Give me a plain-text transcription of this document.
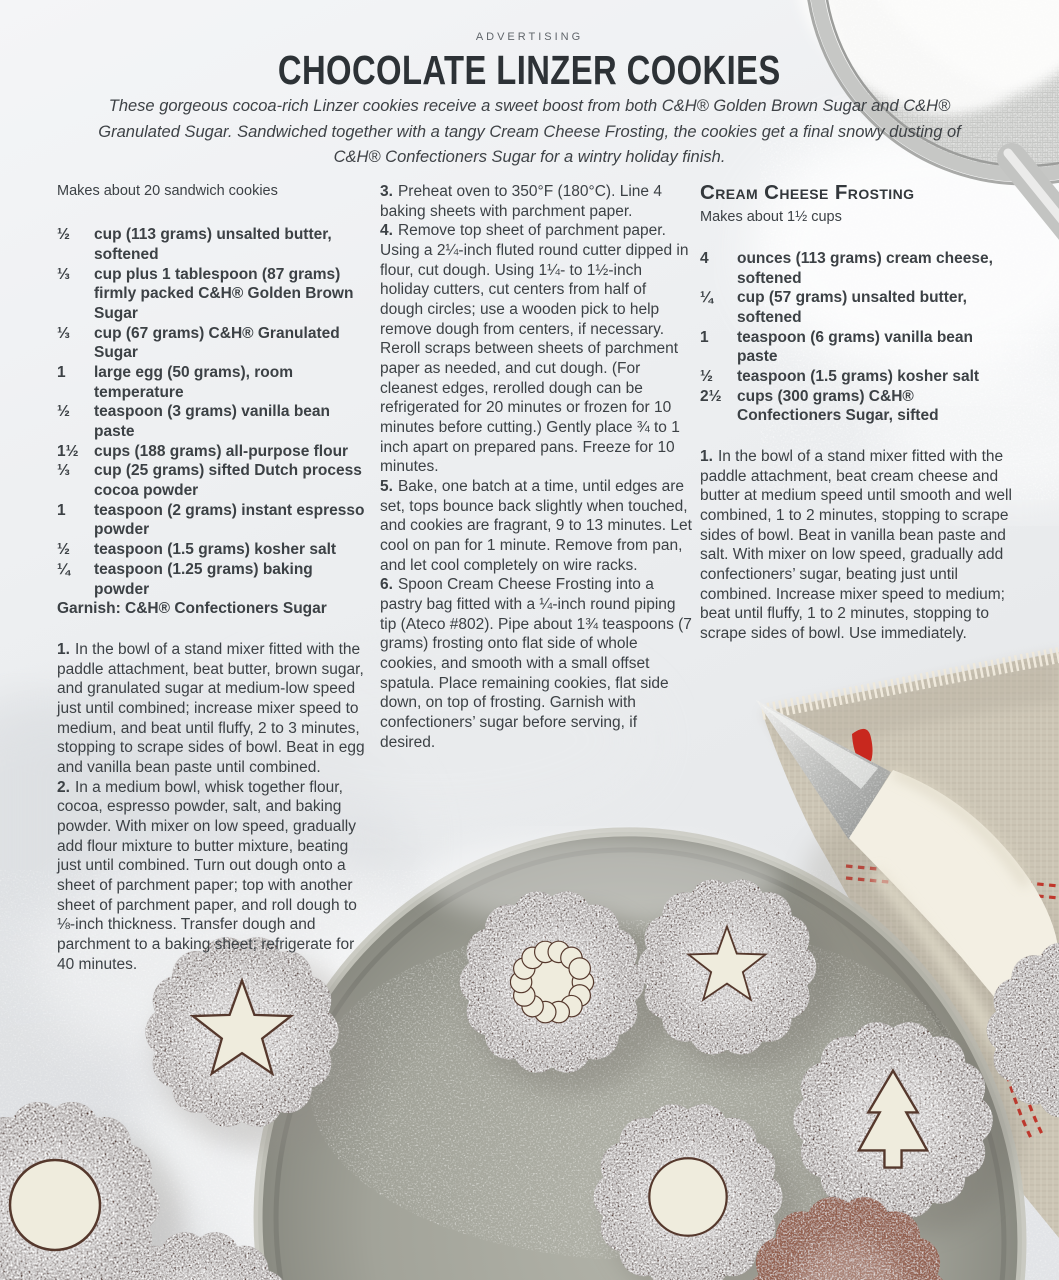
ADVERTISING
CHOCOLATE LINZER COOKIES

These gorgeous cocoa-rich Linzer cookies receive a sweet boost from both C&H® Golden Brown Sugar and C&H® Granulated Sugar. Sandwiched together with a tangy Cream Cheese Frosting, the cookies get a final snowy dusting of C&H® Confectioners Sugar for a wintry holiday finish.

Makes about 20 sandwich cookies
½	cup (113 grams) unsalted butter, softened
⅓	cup plus 1 tablespoon (87 grams) firmly packed C&H® Golden Brown Sugar
⅓	cup (67 grams) C&H® Granulated Sugar
1	large egg (50 grams), room temperature
½	teaspoon (3 grams) vanilla bean paste
1½ cups (188 grams) all-purpose flour
⅓	cup (25 grams) sifted Dutch process cocoa powder
1	teaspoon (2 grams) instant espresso powder
½	teaspoon (1.5 grams) kosher salt
¼	teaspoon (1.25 grams) baking powder
Garnish: C&H® Confectioners Sugar

1. In the bowl of a stand mixer fitted with the paddle attachment, beat butter, brown sugar, and granulated sugar at medium-low speed just until combined; increase mixer speed to medium, and beat until fluffy, 2 to 3 minutes, stopping to scrape sides of bowl. Beat in egg and vanilla bean paste until combined.

2. In a medium bowl, whisk together flour, cocoa, espresso powder, salt, and baking powder. With mixer on low speed, gradually add flour mixture to butter mixture, beating just until combined. Turn out dough onto a sheet of parchment paper; top with another sheet of parchment paper, and roll dough to ⅛-inch thickness. Transfer dough and parchment to a baking sheet; refrigerate for 40 minutes.

3. Preheat oven to 350°F (180°C). Line 4 baking sheets with parchment paper.

4. Remove top sheet of parchment paper. Using a 2¼-inch fluted round cutter dipped in flour, cut dough. Using 1¼- to 1½-inch holiday cutters, cut centers from half of dough circles; use a wooden pick to help remove dough from centers, if necessary. Reroll scraps between sheets of parchment paper as needed, and cut dough. (For cleanest edges, rerolled dough can be refrigerated for 20 minutes or frozen for 10 minutes before cutting.) Gently place ¾ to 1 inch apart on prepared pans. Freeze for 10 minutes.

5. Bake, one batch at a time, until edges are set, tops bounce back slightly when touched, and cookies are fragrant, 9 to 13 minutes. Let cool on pan for 1 minute. Remove from pan, and let cool completely on wire racks.

6. Spoon Cream Cheese Frosting into a pastry bag fitted with a ¼-inch round piping tip (Ateco #802). Pipe about 1¾ teaspoons (7 grams) frosting onto flat side of whole cookies, and smooth with a small offset spatula. Place remaining cookies, flat side down, on top of frosting. Garnish with confectioners’ sugar before serving, if desired.

Cream Cheese Frosting
Makes about 1½ cups
4	ounces (113 grams) cream cheese, softened
¼	cup (57 grams) unsalted butter, softened
1	teaspoon (6 grams) vanilla bean paste
½	teaspoon (1.5 grams) kosher salt
2½ cups (300 grams) C&H® Confectioners Sugar, sifted

1. In the bowl of a stand mixer fitted with the paddle attachment, beat cream cheese and butter at medium speed until smooth and well combined, 1 to 2 minutes, stopping to scrape sides of bowl. Beat in vanilla bean paste and salt. With mixer on low speed, gradually add confectioners’ sugar, beating just until combined. Increase mixer speed to medium; beat until fluffy, 1 to 2 minutes, stopping to scrape sides of bowl. Use immediately.
